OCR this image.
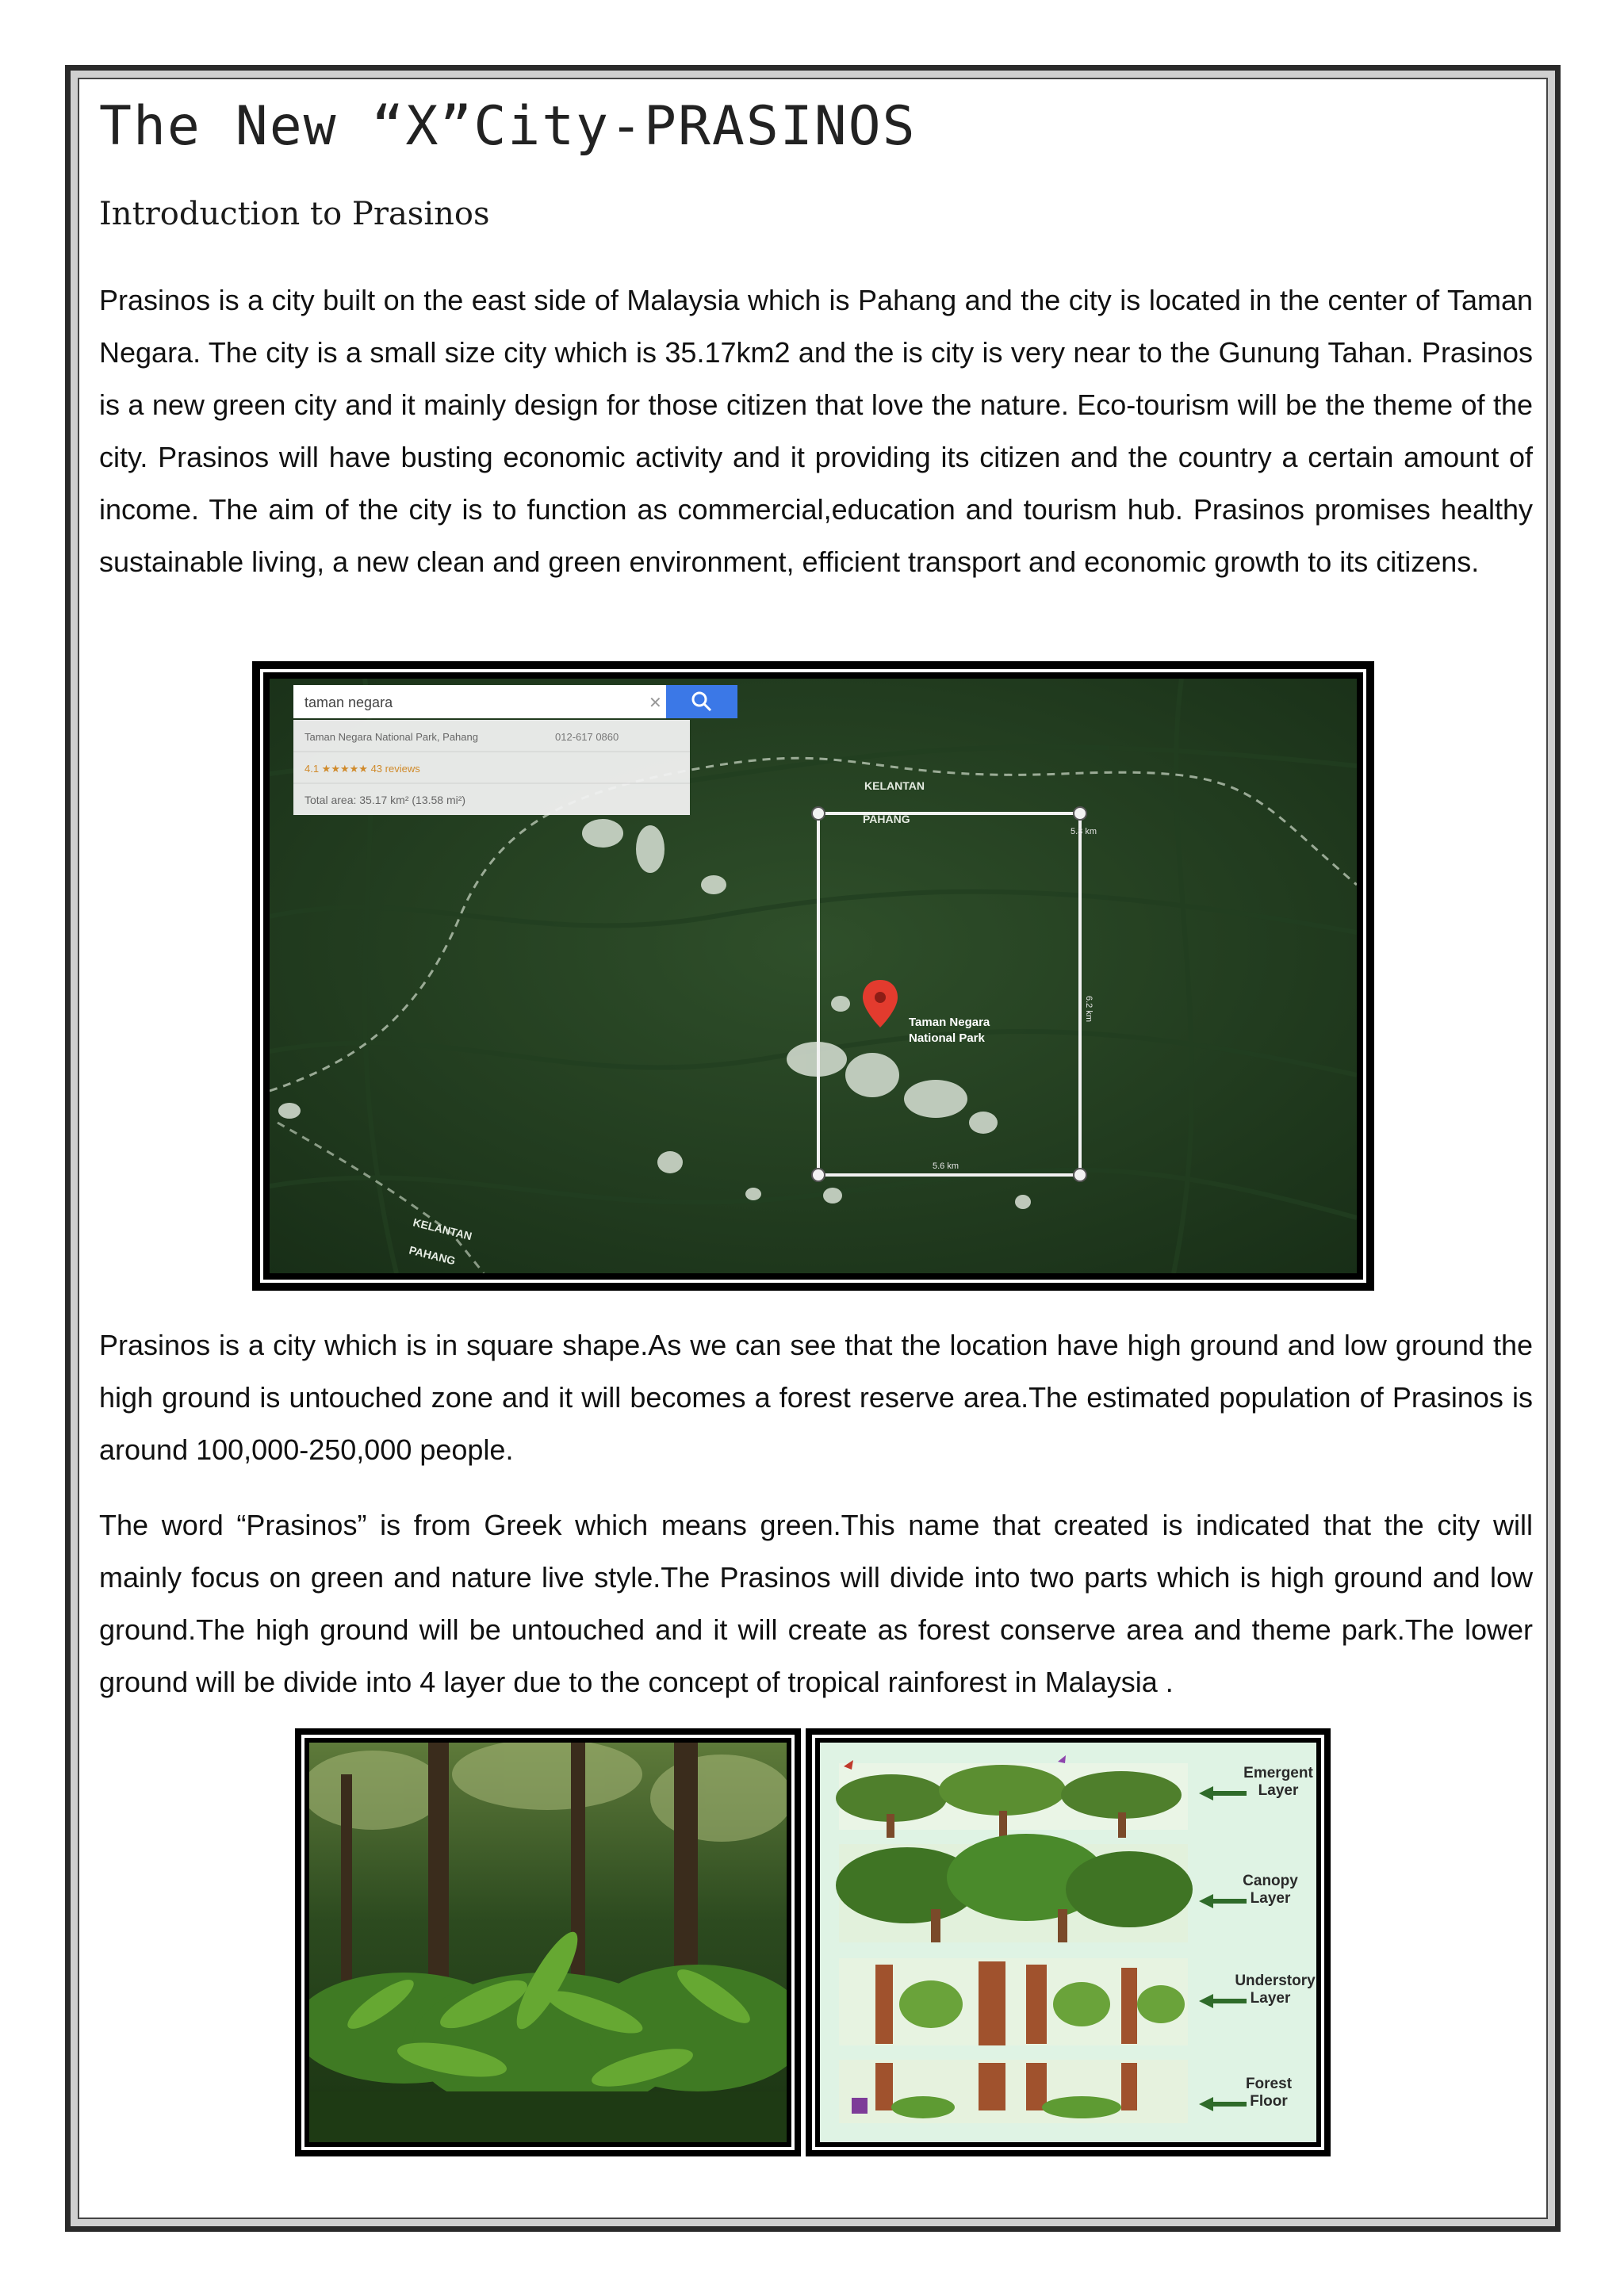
The New “X”City-PRASINOS
Introduction to Prasinos

Prasinos is a city built on the east side of Malaysia which is Pahang and the city is located in the center of Taman Negara. The city is a small size city which is 35.17km2 and the is city is very near to the Gunung Tahan. Prasinos is a new green city and it mainly design for those citizen that love the nature. Eco-tourism will be the theme of the city. Prasinos will have busting economic activity and it providing its citizen and the country a certain amount of income. The aim of the city is to function as commercial,education and tourism hub. Prasinos promises healthy sustainable living, a new clean and green environment, efficient transport and economic growth to its citizens.

taman negara	✕
Taman Negara National Park, Pahang	012-617 0860
4.1 ★★★★★ 43 reviews
Total area: 35.17 km² (13.58 mi²)
KELANTAN
PAHANG
KELANTAN
PAHANG
5.8 km
5.6 km
6.2 km
Taman Negara
National Park

Prasinos is a city which is in square shape.As we can see that the location have high ground and low ground the high ground is untouched zone and it will becomes a forest reserve area.The estimated population of Prasinos is around 100,000-250,000 people.

The word “Prasinos” is from Greek which means green.This name that created is indicated that the city will mainly focus on green and nature live style.The Prasinos will divide into two parts which is high ground and low ground.The high ground will be untouched and it will create as forest conserve area and theme park.The lower ground will be divide into 4 layer due to the concept of tropical rainforest in Malaysia .

Emergent
Layer
Canopy
Layer
Understory
Layer
Forest
Floor
